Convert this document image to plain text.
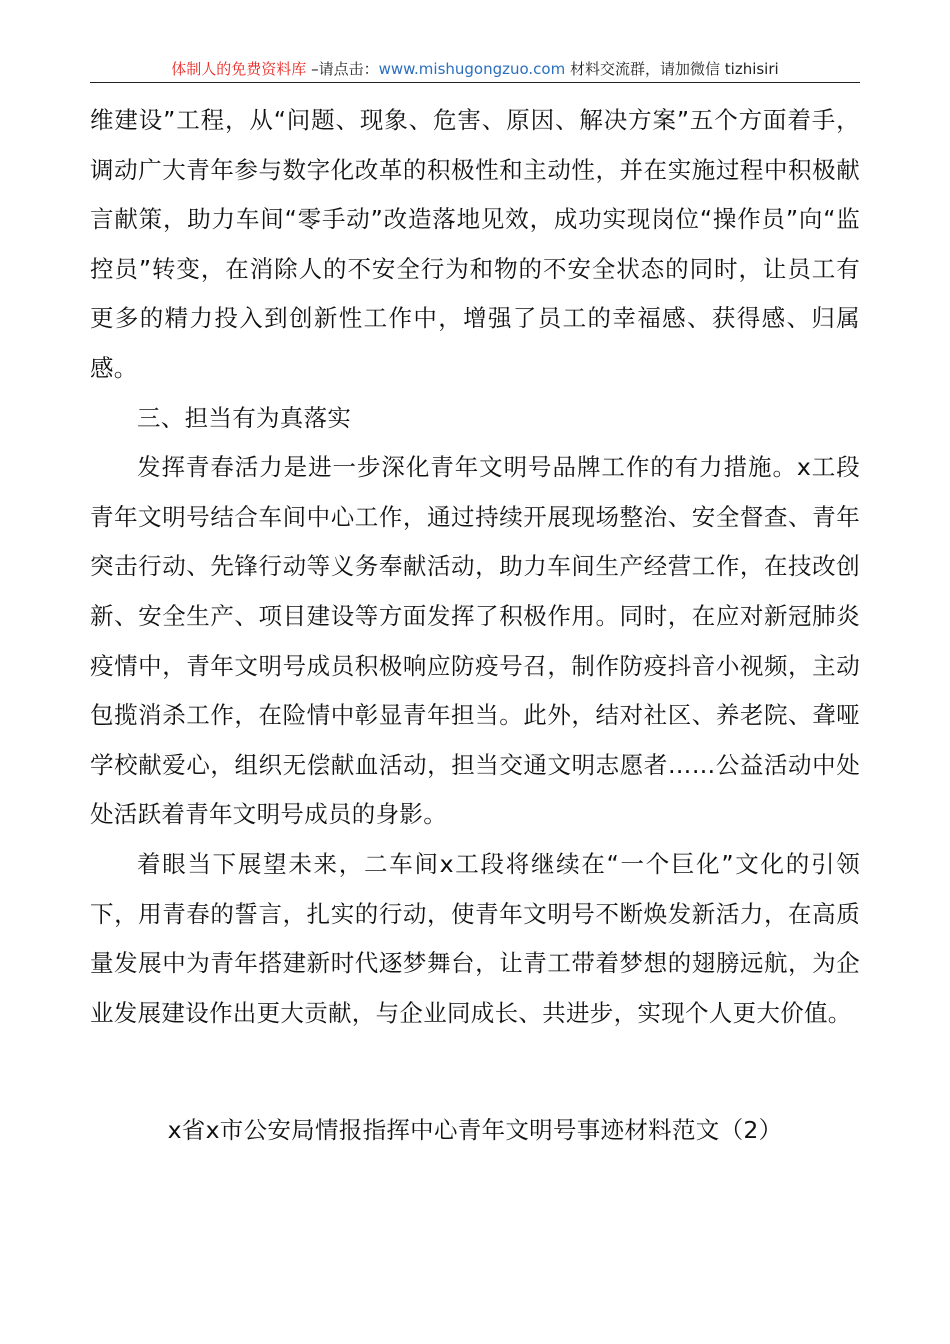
体制人的免费资料库 –请点击：www.mishugongzuo.com 材料交流群，请加微信 tizhisiri

维建设”工程，从“问题、现象、危害、原因、解决方案”五个方面着手，调动广大青年参与数字化改革的积极性和主动性，并在实施过程中积极献言献策，助力车间“零手动”改造落地见效，成功实现岗位“操作员”向“监控员”转变，在消除人的不安全行为和物的不安全状态的同时，让员工有更多的精力投入到创新性工作中，增强了员工的幸福感、获得感、归属感。

三、担当有为真落实

发挥青春活力是进一步深化青年文明号品牌工作的有力措施。x工段青年文明号结合车间中心工作，通过持续开展现场整治、安全督查、青年突击行动、先锋行动等义务奉献活动，助力车间生产经营工作，在技改创新、安全生产、项目建设等方面发挥了积极作用。同时，在应对新冠肺炎疫情中，青年文明号成员积极响应防疫号召，制作防疫抖音小视频，主动包揽消杀工作，在险情中彰显青年担当。此外，结对社区、养老院、聋哑学校献爱心，组织无偿献血活动，担当交通文明志愿者……公益活动中处处活跃着青年文明号成员的身影。

着眼当下展望未来，二车间x工段将继续在“一个巨化”文化的引领下，用青春的誓言，扎实的行动，使青年文明号不断焕发新活力，在高质量发展中为青年搭建新时代逐梦舞台，让青工带着梦想的翅膀远航，为企业发展建设作出更大贡献，与企业同成长、共进步，实现个人更大价值。

x省x市公安局情报指挥中心青年文明号事迹材料范文（2）
